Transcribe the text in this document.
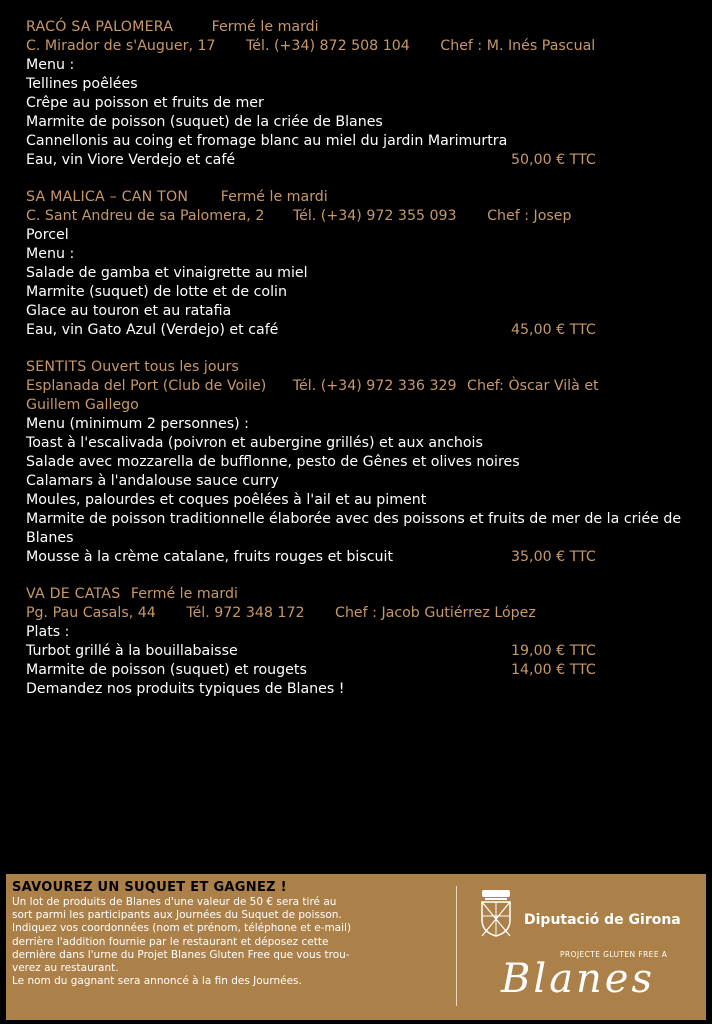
RACÓ SA PALOMERA	Fermé le mardi
C. Mirador de s'Auguer, 17 Tél. (+34) 872 508 104 Chef : M. Inés Pascual
Menu :
Tellines poêlées
Crêpe au poisson et fruits de mer
Marmite de poisson (suquet) de la criée de Blanes
Cannellonis au coing et fromage blanc au miel du jardin Marimurtra
Eau, vin Viore Verdejo et café	50,00 € TTC
SA MALICA – CAN TON Fermé le mardi
C. Sant Andreu de sa Palomera, 2 Tél. (+34) 972 355 093 Chef : Josep
Porcel
Menu :
Salade de gamba et vinaigrette au miel
Marmite (suquet) de lotte et de colin
Glace au touron et au ratafia
Eau, vin Gato Azul (Verdejo) et café	45,00 € TTC
SENTITS Ouvert tous les jours
Esplanada del Port (Club de Voile) Tél. (+34) 972 336 329 Chef: Òscar Vilà et
Guillem Gallego
Menu (minimum 2 personnes) :
Toast à l'escalivada (poivron et aubergine grillés) et aux anchois
Salade avec mozzarella de bufflonne, pesto de Gênes et olives noires
Calamars à l'andalouse sauce curry
Moules, palourdes et coques poêlées à l'ail et au piment
Marmite de poisson traditionnelle élaborée avec des poissons et fruits de mer de la criée de Blanes
Mousse à la crème catalane, fruits rouges et biscuit	35,00 € TTC
VA DE CATAS Fermé le mardi
Pg. Pau Casals, 44 Tél. 972 348 172 Chef : Jacob Gutiérrez López
Plats :
Turbot grillé à la bouillabaisse	19,00 € TTC
Marmite de poisson (suquet) et rougets	14,00 € TTC
Demandez nos produits typiques de Blanes !
SAVOUREZ UN SUQUET ET GAGNEZ !
Un lot de produits de Blanes d'une valeur de 50 € sera tiré au
sort parmi les participants aux Journées du Suquet de poisson.
Indiquez vos coordonnées (nom et prénom, téléphone et e-mail)
derrière l'addition fournie par le restaurant et déposez cette
dernière dans l'urne du Projet Blanes Gluten Free que vous trou-
verez au restaurant.
Le nom du gagnant sera annoncé à la fin des Journées.
Diputació de Girona
PROJECTE GLUTEN FREE A
Blanes
